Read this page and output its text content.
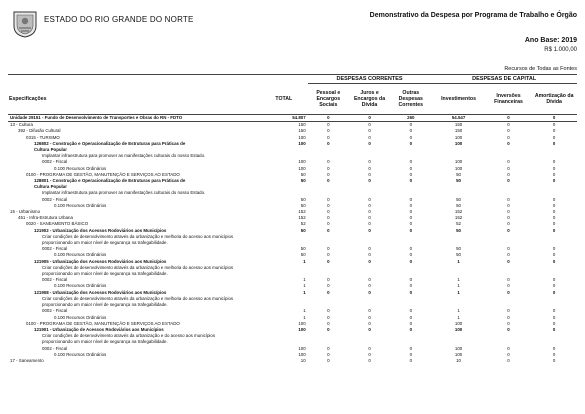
ESTADO DO RIO GRANDE DO NORTE	Demonstrativo da Despesa por Programa de Trabalho e Órgão
Ano Base: 2019
R$ 1.000,00
Recursos de Todas as Fontes
		DESPESAS CORRENTES			DESPESAS DE CAPITAL		
Especificações	TOTAL	Pessoal e Encargos Sociais	Juros e Encargos da Dívida	Outras Despesas Correntes	Investimentos	Inversões Financeiras	Amortização da Dívida
Unidade 29151 - Fundo de Desenvolvimento de Transportes e Obras do RN - FDTO	54.807	0	0	260	54.547	0	0
13 - Cultura	150	0	0	0	150	0	0
392 - Difusão Cultural	150	0	0	0	150	0	0
0315 - TURISMO	100	0	0	0	100	0	0
126802 - Construção e Operacionalização de Estruturas para Práticas de	100	0	0	0	100	0	0
Cultura Popular							
Implantar infraestrutura para promover as manifestações culturais do nosso Estado.							
0002 - Fiscal	100	0	0	0	100	0	0
0.100 Recursos Ordinários	100	0	0	0	100	0	0
0100 - PROGRAMA DE GESTÃO, MANUTENÇÃO E SERVIÇOS AO ESTADO	50	0	0	0	50	0	0
128801 - Construção e Operacionalização de Estruturas para Práticas de	50	0	0	0	50	0	0
Cultura Popular							
Implantar infraestrutura para promover as manifestações culturais do nosso Estado.							
0002 - Fiscal	50	0	0	0	50	0	0
0.100 Recursos Ordinários	50	0	0	0	50	0	0
15 - Urbanismo	152	0	0	0	152	0	0
451 - Infra-Estrutura Urbana	152	0	0	0	152	0	0
0020 - SANEAMENTO BÁSICO	52	0	0	0	52	0	0
121902 - Urbanização dos Acessos Rodoviários aos Municípios	50	0	0	0	50	0	0
Criar condições de desenvolvimento através da urbanização e melhoria do acesso aos municípios							
proporcionando um maior nível de segurança na trafegabilidade.							
0002 - Fiscal	50	0	0	0	50	0	0
0.100 Recursos Ordinários	50	0	0	0	50	0	0
121905 - Urbanização dos Acessos Rodoviários aos Municípios	1	0	0	0	1	0	0
Criar condições de desenvolvimento através da urbanização e melhoria do acesso aos municípios							
proporcionando um maior nível de segurança na trafegabilidade.							
0002 - Fiscal	1	0	0	0	1	0	0
0.100 Recursos Ordinários	1	0	0	0	1	0	0
121908 - Urbanização dos Acessos Rodoviários aos Municípios	1	0	0	0	1	0	0
Criar condições de desenvolvimento através da urbanização e melhoria do acesso aos municípios							
proporcionando um maior nível de segurança na trafegabilidade.							
0002 - Fiscal	1	0	0	0	1	0	0
0.100 Recursos Ordinários	1	0	0	0	1	0	0
0100 - PROGRAMA DE GESTÃO, MANUTENÇÃO E SERVIÇOS AO ESTADO	100	0	0	0	100	0	0
121901 - Urbanização de Acessos Rodoviários aos Municípios	100	0	0	0	100	0	0
Criar condições de desenvolvimento através da urbanização e do acesso aos municípios							
proporcionando um maior nível de segurança na trafegabilidade.							
0002 - Fiscal	100	0	0	0	100	0	0
0.100 Recursos Ordinários	100	0	0	0	100	0	0
17 - Saneamento	10	0	0	0	10	0	0
